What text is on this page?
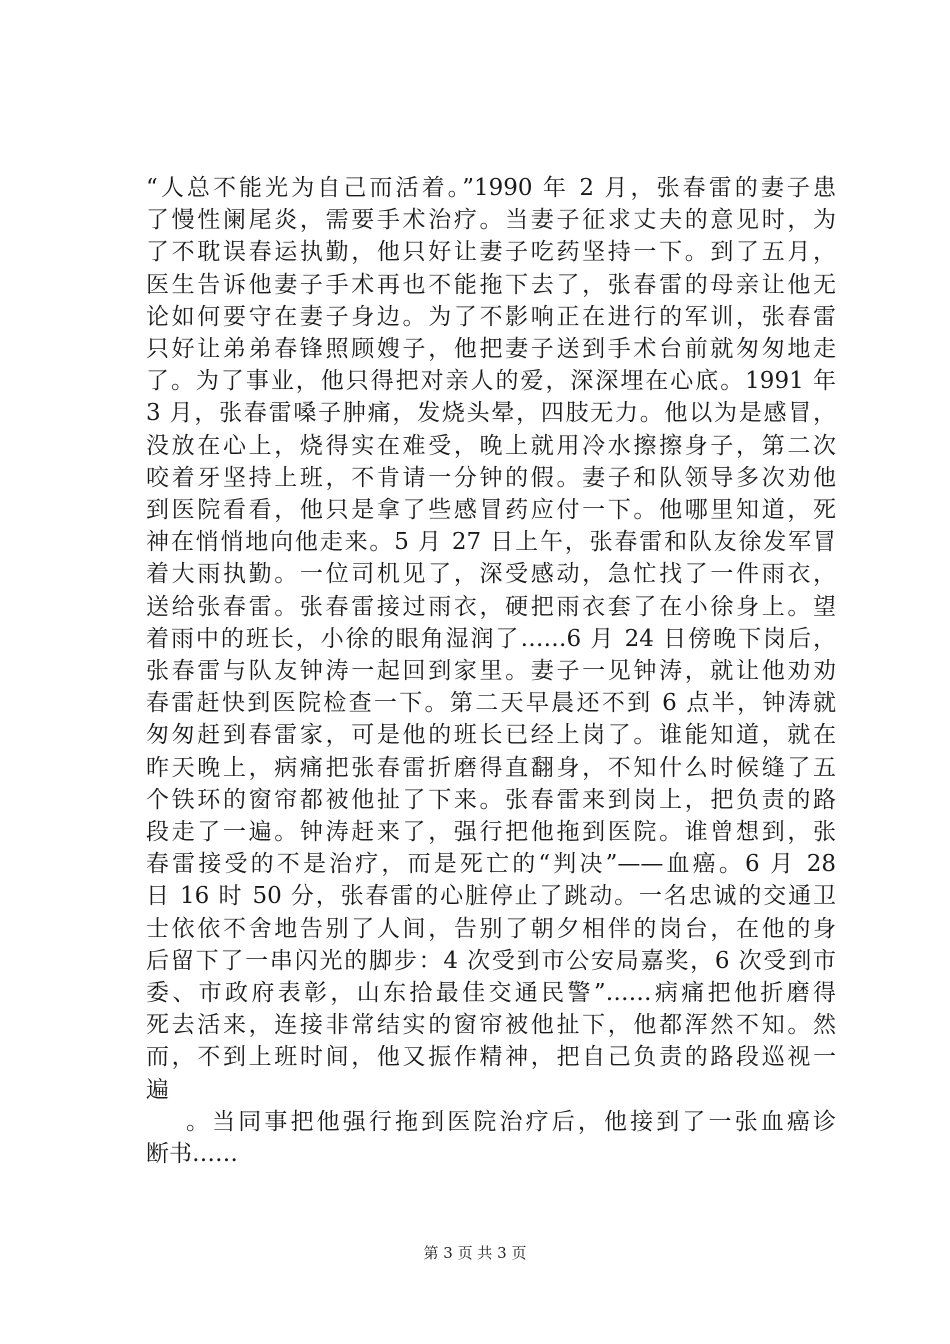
“人总不能光为自己而活着。”1990 年 2 月，张春雷的妻子患
了慢性阑尾炎，需要手术治疗。当妻子征求丈夫的意见时，为
了不耽误春运执勤，他只好让妻子吃药坚持一下。到了五月，
医生告诉他妻子手术再也不能拖下去了，张春雷的母亲让他无
论如何要守在妻子身边。为了不影响正在进行的军训，张春雷
只好让弟弟春锋照顾嫂子，他把妻子送到手术台前就匆匆地走
了。为了事业，他只得把对亲人的爱，深深埋在心底。1991 年
3 月，张春雷嗓子肿痛，发烧头晕，四肢无力。他以为是感冒，
没放在心上，烧得实在难受，晚上就用冷水擦擦身子，第二次
咬着牙坚持上班，不肯请一分钟的假。妻子和队领导多次劝他
到医院看看，他只是拿了些感冒药应付一下。他哪里知道，死
神在悄悄地向他走来。5 月 27 日上午，张春雷和队友徐发军冒
着大雨执勤。一位司机见了，深受感动，急忙找了一件雨衣，
送给张春雷。张春雷接过雨衣，硬把雨衣套了在小徐身上。望
着雨中的班长，小徐的眼角湿润了……6 月 24 日傍晚下岗后，
张春雷与队友钟涛一起回到家里。妻子一见钟涛，就让他劝劝
春雷赶快到医院检查一下。第二天早晨还不到 6 点半，钟涛就
匆匆赶到春雷家，可是他的班长已经上岗了。谁能知道，就在
昨天晚上，病痛把张春雷折磨得直翻身，不知什么时候缝了五
个铁环的窗帘都被他扯了下来。张春雷来到岗上，把负责的路
段走了一遍。钟涛赶来了，强行把他拖到医院。谁曾想到，张
春雷接受的不是治疗，而是死亡的“判决”——血癌。6 月 28
日 16 时 50 分，张春雷的心脏停止了跳动。一名忠诚的交通卫
士依依不舍地告别了人间，告别了朝夕相伴的岗台，在他的身
后留下了一串闪光的脚步：4 次受到市公安局嘉奖，6 次受到市
委、市政府表彰，山东拾最佳交通民警”……病痛把他折磨得
死去活来，连接非常结实的窗帘被他扯下，他都浑然不知。然
而，不到上班时间，他又振作精神，把自己负责的路段巡视一
遍
。当同事把他强行拖到医院治疗后，他接到了一张血癌诊
断书……
第 3 页 共 3 页
